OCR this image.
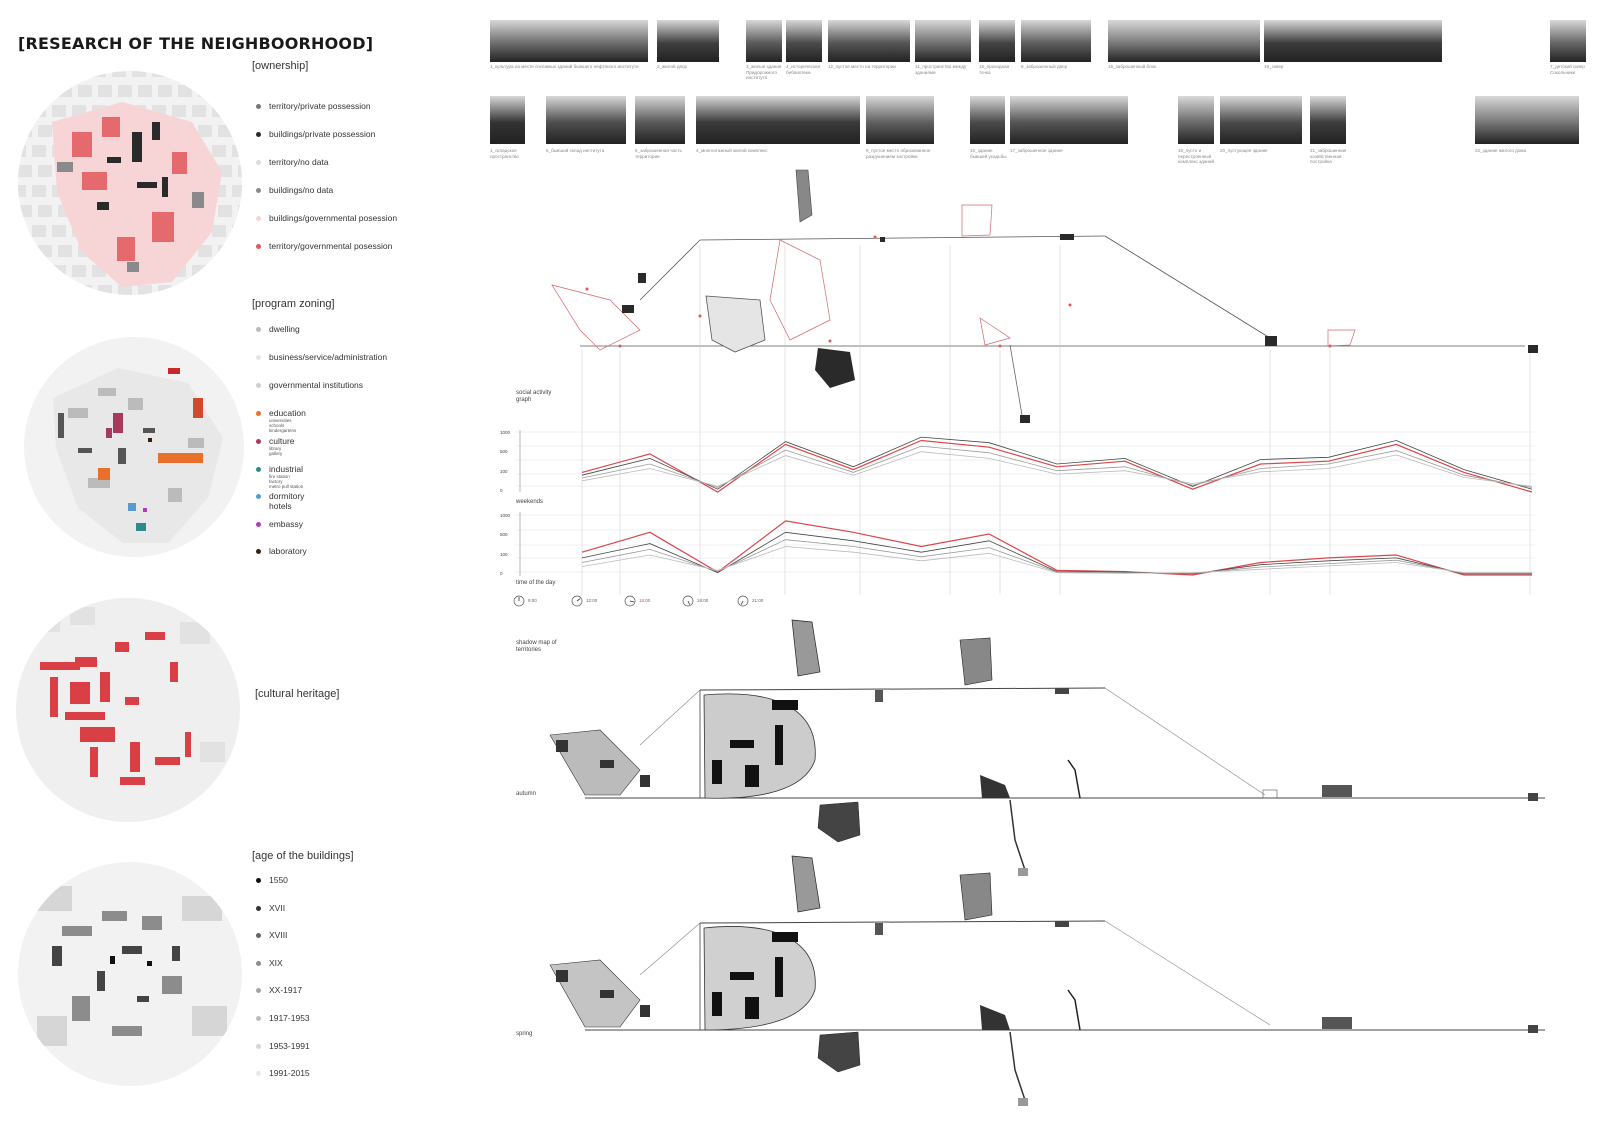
[RESEARCH OF THE NEIGHBOORHOOD]
[ownership]
territory/private possession
buildings/private possession
territory/no data
buildings/no data
buildings/governmental posession
territory/governmental posession
[program zoning]
dwelling
business/service/administration
governmental institutions
education
universities
schools
kindergartens
culture
library
gallery
industrial
fire station
factory
metro pull station
dormitory
hotels
embassy
laboratory
[cultural heritage]
[age of the buildings]
1550
XVII
XVIII
XIX
XX-1917
1917-1953
1953-1991
1991-2015
1_культура на месте сносимых зданий бывшего нефтяного института	2_жилой двор	3_жилые здания Придорожного института
4_историческая библиотека
12_пустое место на территории	11_пространство между зданиями
15_проходная точка
8_заброшенный двор	16_заброшенный блок	19_сквер	7_детский сквер Сокольники
1_складское пространство
5_бывший склад института	6_заброшенная часть территории
4_многоэтажный жилой комплекс	9_пустое место образованное разрушением застройки
15_здание бывшей усадьбы
17_заброшенное здание	18_пусто и перестроенный комплекс зданий
20_пустующее здание	21_заброшенная хозяйственная постройка
22_здание жилого дома
social activity graph
weekends
time of the day
shadow map of territories
autumn
spring
1000
500
100
0
1000
500
100
0
9:00	12:00	15:00	18:00	21:00
